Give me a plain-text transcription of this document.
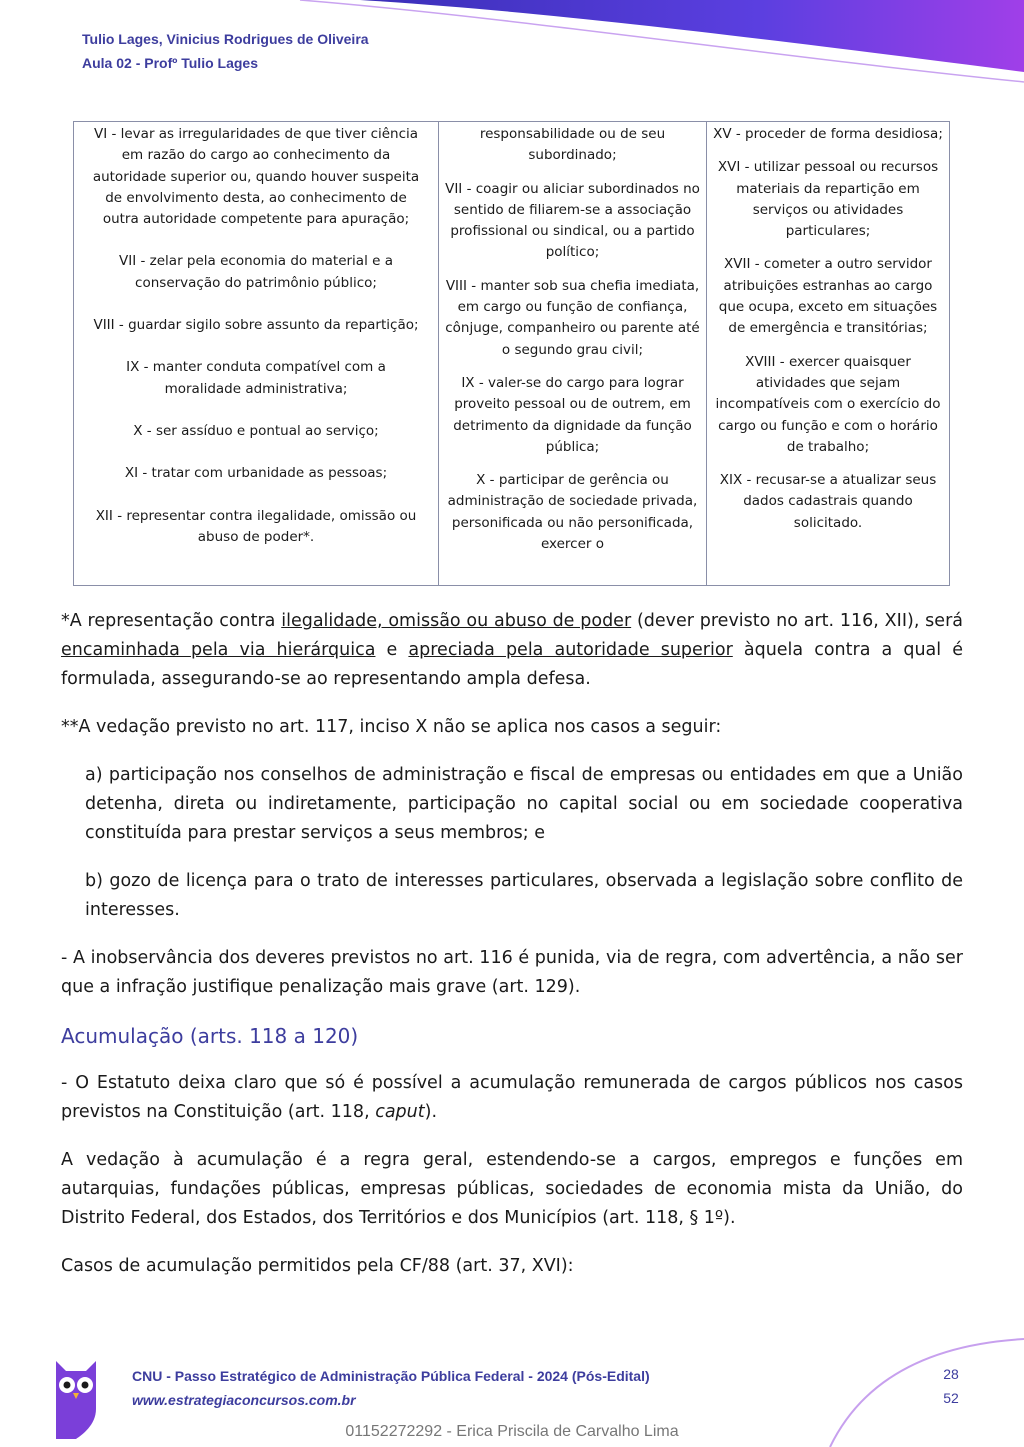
Tulio Lages, Vinicius Rodrigues de Oliveira
Aula 02 - Profº Tulio Lages

VI - levar as irregularidades de que tiver ciência em razão do cargo ao conhecimento da autoridade superior ou, quando houver suspeita de envolvimento desta, ao conhecimento de outra autoridade competente para apuração;

VII - zelar pela economia do material e a conservação do patrimônio público;

VIII - guardar sigilo sobre assunto da repartição;

IX - manter conduta compatível com a moralidade administrativa;

X - ser assíduo e pontual ao serviço;

XI - tratar com urbanidade as pessoas;

XII - representar contra ilegalidade, omissão ou abuso de poder*.

responsabilidade ou de seu subordinado;

VII - coagir ou aliciar subordinados no sentido de filiarem-se a associação profissional ou sindical, ou a partido político;

VIII - manter sob sua chefia imediata, em cargo ou função de confiança, cônjuge, companheiro ou parente até o segundo grau civil;

IX - valer-se do cargo para lograr proveito pessoal ou de outrem, em detrimento da dignidade da função pública;

X - participar de gerência ou administração de sociedade privada, personificada ou não personificada, exercer o

XV - proceder de forma desidiosa;

XVI - utilizar pessoal ou recursos materiais da repartição em serviços ou atividades particulares;

XVII - cometer a outro servidor atribuições estranhas ao cargo que ocupa, exceto em situações de emergência e transitórias;

XVIII - exercer quaisquer atividades que sejam incompatíveis com o exercício do cargo ou função e com o horário de trabalho;

XIX - recusar-se a atualizar seus dados cadastrais quando solicitado.

*A representação contra ilegalidade, omissão ou abuso de poder (dever previsto no art. 116, XII), será encaminhada pela via hierárquica e apreciada pela autoridade superior àquela contra a qual é formulada, assegurando-se ao representando ampla defesa.

**A vedação previsto no art. 117, inciso X não se aplica nos casos a seguir:

a) participação nos conselhos de administração e fiscal de empresas ou entidades em que a União detenha, direta ou indiretamente, participação no capital social ou em sociedade cooperativa constituída para prestar serviços a seus membros; e

b) gozo de licença para o trato de interesses particulares, observada a legislação sobre conflito de interesses.

- A inobservância dos deveres previstos no art. 116 é punida, via de regra, com advertência, a não ser que a infração justifique penalização mais grave (art. 129).

Acumulação (arts. 118 a 120)

- O Estatuto deixa claro que só é possível a acumulação remunerada de cargos públicos nos casos previstos na Constituição (art. 118, caput).

A vedação à acumulação é a regra geral, estendendo-se a cargos, empregos e funções em autarquias, fundações públicas, empresas públicas, sociedades de economia mista da União, do Distrito Federal, dos Estados, dos Territórios e dos Municípios (art. 118, § 1º).

Casos de acumulação permitidos pela CF/88 (art. 37, XVI):

CNU - Passo Estratégico de Administração Pública Federal - 2024 (Pós-Edital)
www.estrategiaconcursos.com.br
28
52
01152272292 - Erica Priscila de Carvalho Lima
